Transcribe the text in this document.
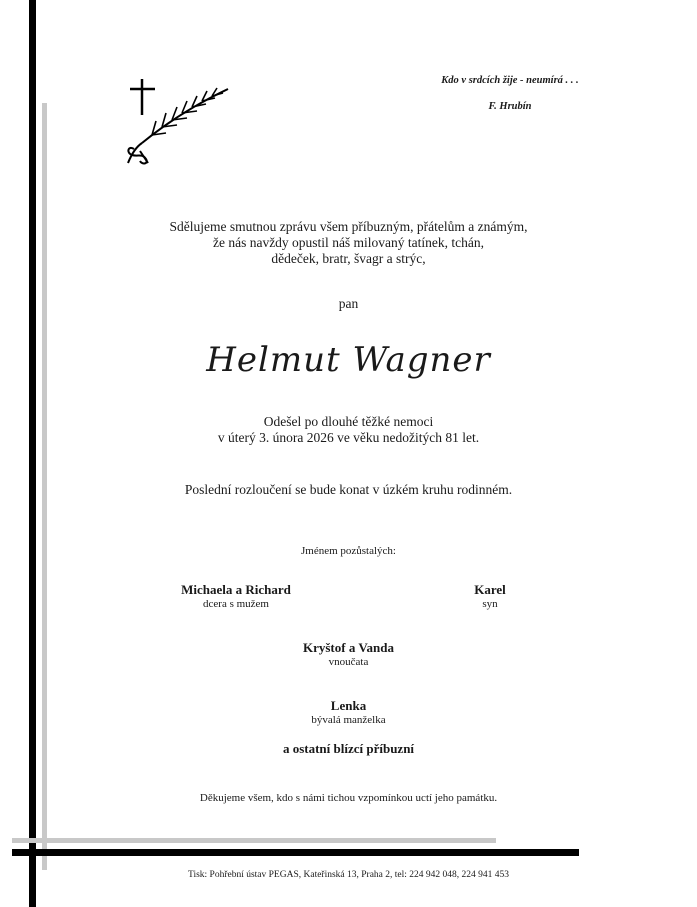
Kdo v srdcích žije - neumírá . . .
F. Hrubín
Sdělujeme smutnou zprávu všem příbuzným, přátelům a známým,
že nás navždy opustil náš milovaný tatínek, tchán,
dědeček, bratr, švagr a strýc,
pan
Helmut Wagner
Odešel po dlouhé těžké nemoci
v úterý 3. února 2026 ve věku nedožitých 81 let.
Poslední rozloučení se bude konat v úzkém kruhu rodinném.
Jménem pozůstalých:
Michaela a Richard
dcera s mužem
Karel
syn
Kryštof a Vanda
vnoučata
Lenka
bývalá manželka
a ostatní blízcí příbuzní
Děkujeme všem, kdo s námi tichou vzpomínkou uctí jeho památku.
Tisk: Pohřební ústav PEGAS, Kateřinská 13, Praha 2, tel: 224 942 048, 224 941 453
